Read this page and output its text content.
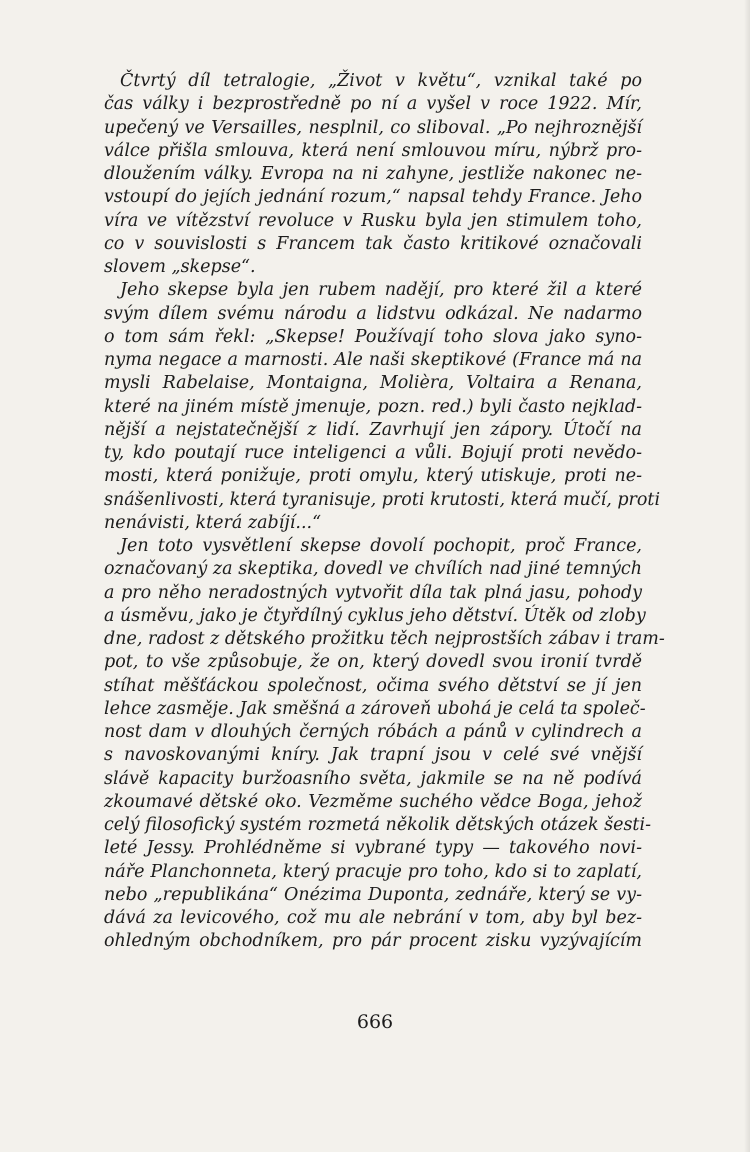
Čtvrtý díl tetralogie, „Život v květu“, vznikal také po
čas války i bezprostředně po ní a vyšel v roce 1922. Mír,
upečený ve Versailles, nesplnil, co sliboval. „Po nejhroznější
válce přišla smlouva, která není smlouvou míru, nýbrž pro-
dloužením války. Evropa na ni zahyne, jestliže nakonec ne-
vstoupí do jejích jednání rozum,“ napsal tehdy France. Jeho
víra ve vítězství revoluce v Rusku byla jen stimulem toho,
co v souvislosti s Francem tak často kritikové označovali
slovem „skepse“.
Jeho skepse byla jen rubem nadějí, pro které žil a které
svým dílem svému národu a lidstvu odkázal. Ne nadarmo
o tom sám řekl: „Skepse! Používají toho slova jako syno-
nyma negace a marnosti. Ale naši skeptikové (France má na
mysli Rabelaise, Montaigna, Molièra, Voltaira a Renana,
které na jiném místě jmenuje, pozn. red.) byli často nejklad-
nější a nejstatečnější z lidí. Zavrhují jen zápory. Útočí na
ty, kdo poutají ruce inteligenci a vůli. Bojují proti nevědo-
mosti, která ponižuje, proti omylu, který utiskuje, proti ne-
snášenlivosti, která tyranisuje, proti krutosti, která mučí, proti
nenávisti, která zabíjí...“
Jen toto vysvětlení skepse dovolí pochopit, proč France,
označovaný za skeptika, dovedl ve chvílích nad jiné temných
a pro něho neradostných vytvořit díla tak plná jasu, pohody
a úsměvu, jako je čtyřdílný cyklus jeho dětství. Útěk od zloby
dne, radost z dětského prožitku těch nejprostších zábav i tram-
pot, to vše způsobuje, že on, který dovedl svou ironií tvrdě
stíhat měšťáckou společnost, očima svého dětství se jí jen
lehce zasměje. Jak směšná a zároveň ubohá je celá ta společ-
nost dam v dlouhých černých róbách a pánů v cylindrech a
s navoskovanými kníry. Jak trapní jsou v celé své vnější
slávě kapacity buržoasního světa, jakmile se na ně podívá
zkoumavé dětské oko. Vezměme suchého vědce Boga, jehož
celý filosofický systém rozmetá několik dětských otázek šesti-
leté Jessy. Prohlédněme si vybrané typy — takového novi-
náře Planchonneta, který pracuje pro toho, kdo si to zaplatí,
nebo „republikána“ Onézima Duponta, zednáře, který se vy-
dává za levicového, což mu ale nebrání v tom, aby byl bez-
ohledným obchodníkem, pro pár procent zisku vyzývajícím
666
